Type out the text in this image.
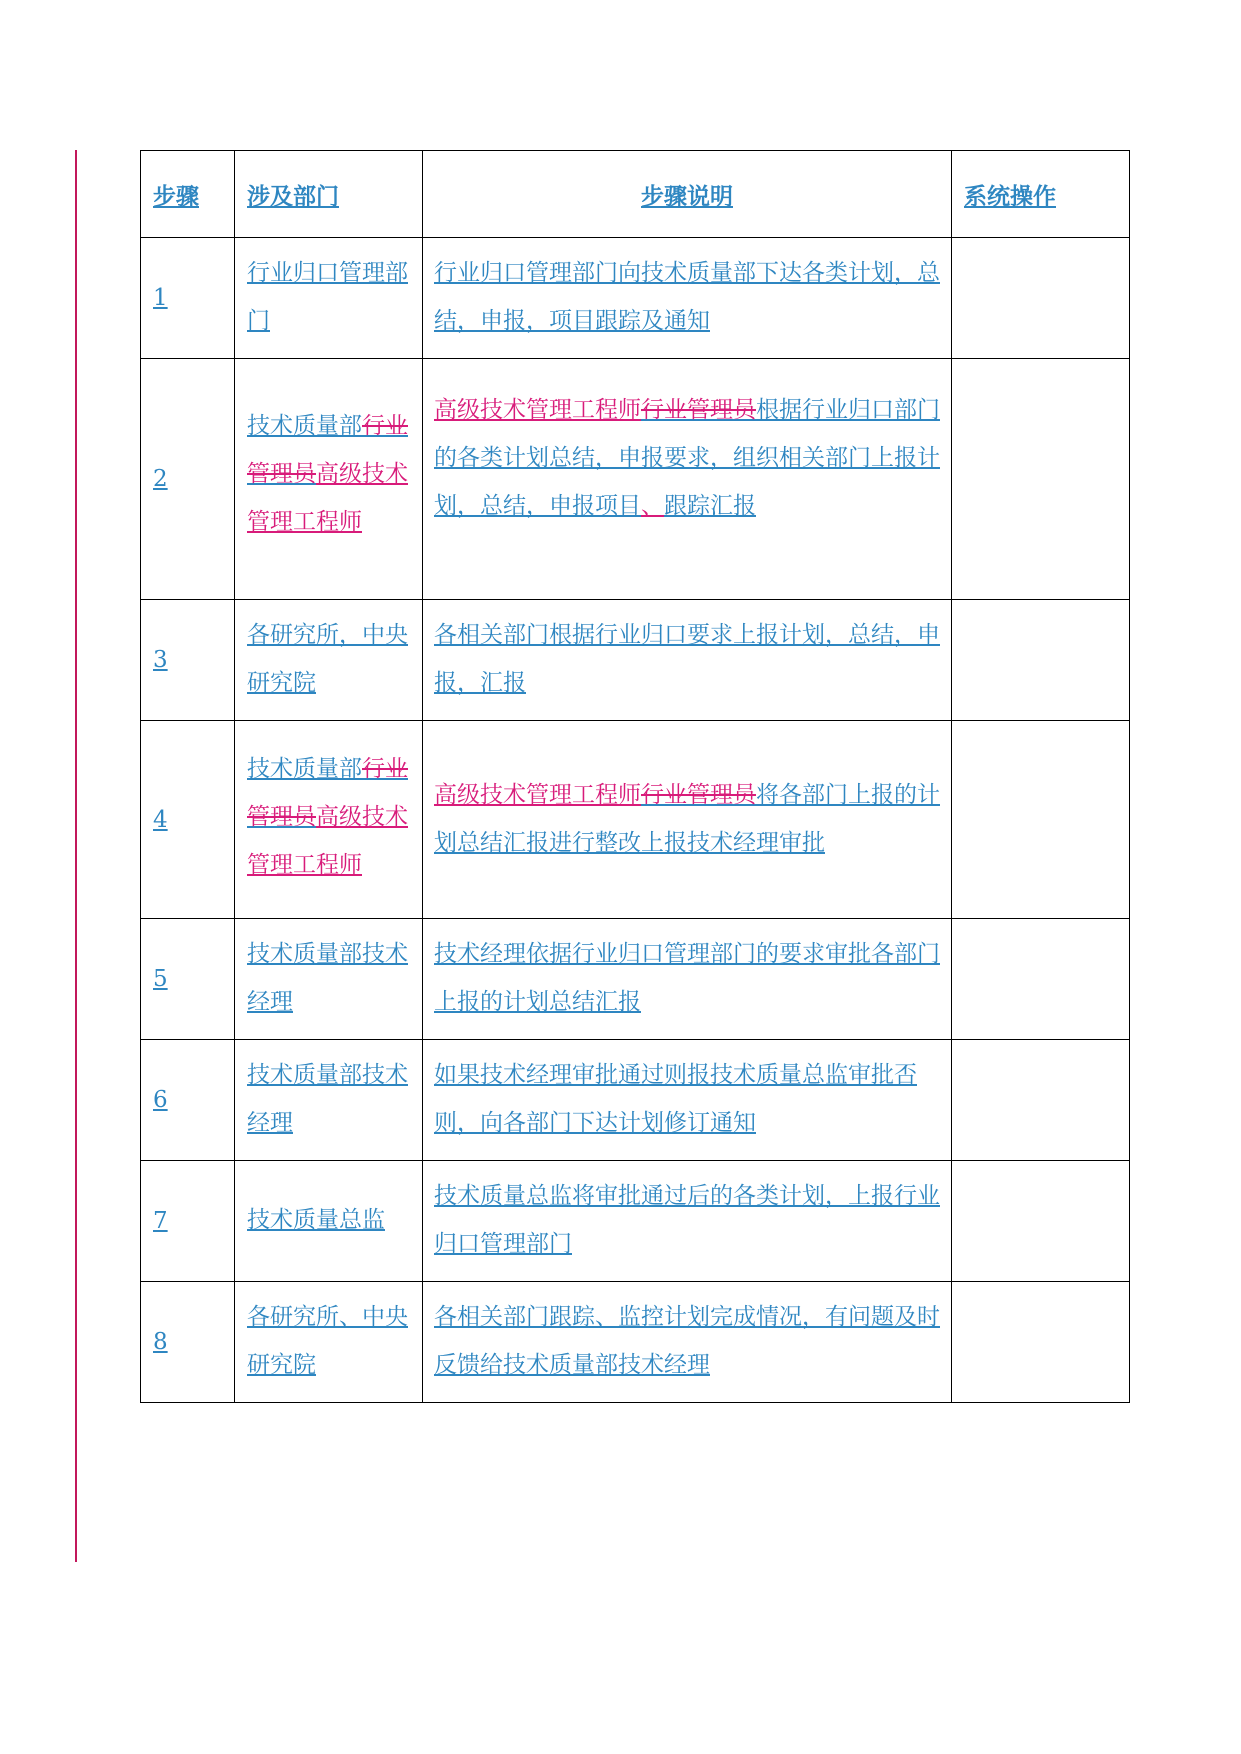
步骤	涉及部门	步骤说明	系统操作
1	行业归口管理部门	行业归口管理部门向技术质量部下达各类计划，总结，申报，项目跟踪及通知	

2	技术质量部行业管理员高级技术管理工程师	高级技术管理工程师行业管理员根据行业归口部门的各类计划总结，申报要求，组织相关部门上报计划，总结，申报项目、跟踪汇报	

3	各研究所，中央研究院	各相关部门根据行业归口要求上报计划，总结，申报，汇报	

4	技术质量部行业管理员高级技术管理工程师	高级技术管理工程师行业管理员将各部门上报的计划总结汇报进行整改上报技术经理审批	

5	技术质量部技术经理	技术经理依据行业归口管理部门的要求审批各部门上报的计划总结汇报	

6	技术质量部技术经理	如果技术经理审批通过则报技术质量总监审批否则，向各部门下达计划修订通知	

7	技术质量总监	技术质量总监将审批通过后的各类计划，上报行业归口管理部门	

8	各研究所、中央研究院	各相关部门跟踪、监控计划完成情况，有问题及时反馈给技术质量部技术经理	
